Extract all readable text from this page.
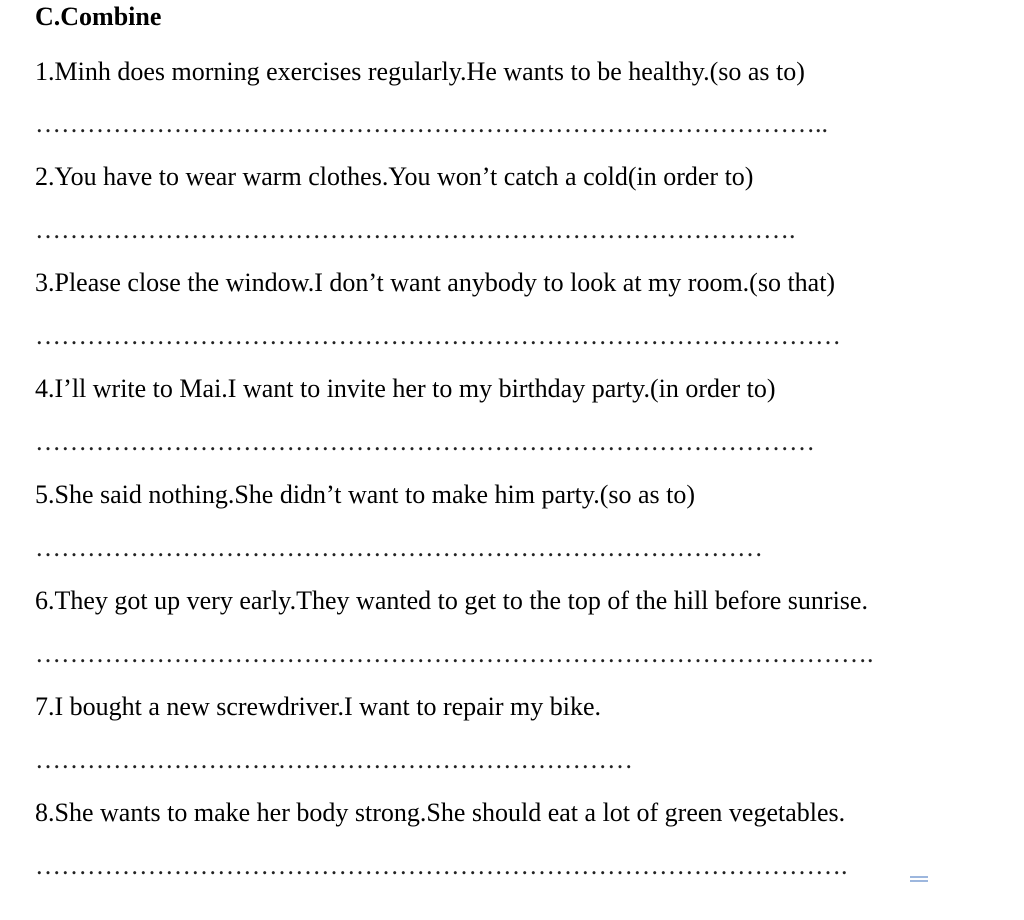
C.Combine
1.Minh does morning exercises regularly.He wants to be healthy.(so as to)
………………………………………………………………………………..
2.You have to wear warm clothes.You won’t catch a cold(in order to)
…………………………………………………………………………….
3.Please close the window.I don’t want anybody to look at my room.(so that)
…………………………………………………………………………………
4.I’ll write to Mai.I want to invite her to my birthday party.(in order to)
………………………………………………………………………………
5.She said nothing.She didn’t want to make him party.(so as to)
…………………………………………………………………………
6.They got up very early.They wanted to get to the top of the hill before sunrise.
…………………………………………………………………………………….
7.I bought a new screwdriver.I want to repair my bike.
……………………………………………………………
8.She wants to make her body strong.She should eat a lot of green vegetables.
………………………………………………………………………………….
